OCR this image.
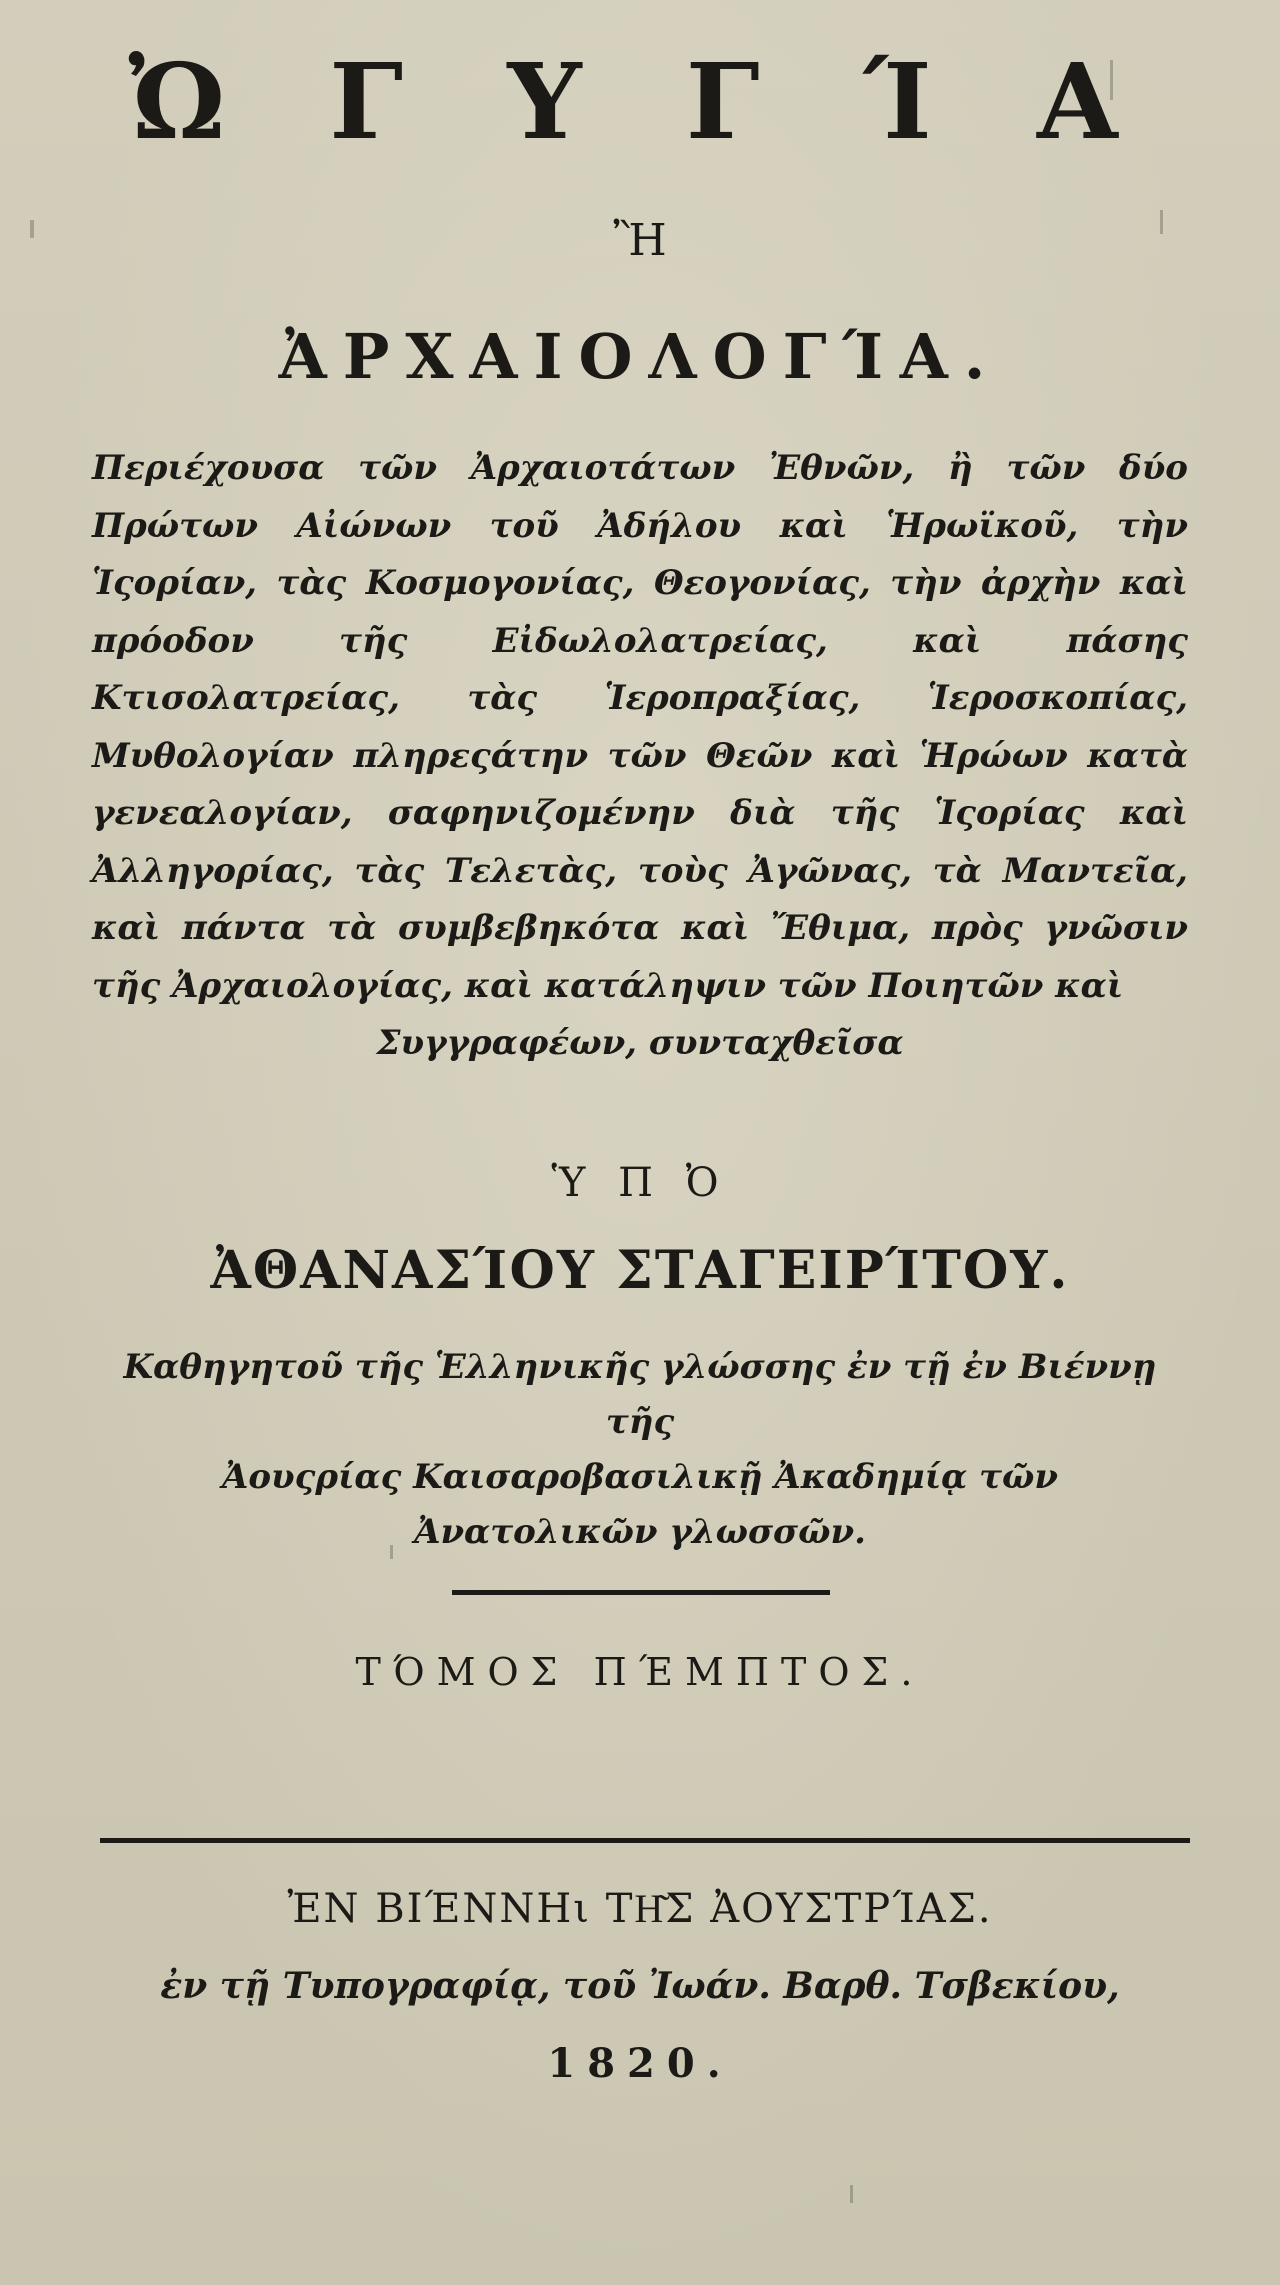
Ὠ Γ Υ Γ Ί Α
Ἢ
ἈΡΧΑΙΟΛΟΓΊΑ.
Περιέχουσα τῶν Ἀρχαιοτάτων Ἐθνῶν, ἢ τῶν δύο Πρώτων Αἰώνων τοῦ Ἀδήλου καὶ Ἡρωϊκοῦ, τὴν Ἱςορίαν, τὰς Κοσμογονίας, Θεογονίας, τὴν ἀρχὴν καὶ πρόοδον τῆς Εἰδωλολατρείας, καὶ πάσης Κτισολατρείας, τὰς Ἱεροπραξίας, Ἱεροσκοπίας, Μυθολογίαν πληρεςάτην τῶν Θεῶν καὶ Ἡρώων κατὰ γενεαλογίαν, σαφηνιζομένην διὰ τῆς Ἱςορίας καὶ Ἀλληγορίας, τὰς Τελετὰς, τοὺς Ἀγῶνας, τὰ Μαντεῖα, καὶ πάντα τὰ συμβεβηκότα καὶ Ἔθιμα, πρὸς γνῶσιν τῆς Ἀρχαιολογίας, καὶ κατάληψιν τῶν Ποιητῶν καὶ
Συγγραφέων, συνταχθεῖσα
Ὑ Π Ὀ
ἈΘΑΝΑΣΊΟΥ ΣΤΑΓΕΙΡΊΤΟΥ.
Καθηγητοῦ τῆς Ἑλληνικῆς γλώσσης ἐν τῇ ἐν Βιέννῃ τῆς
Ἀουςρίας Καισαροβασιλικῇ Ἀκαδημίᾳ τῶν
Ἀνατολικῶν γλωσσῶν.
ΤΌΜΟΣ ΠΈΜΠΤΟΣ.
ἘΝ ΒΙΈΝΝΗι ΤΗ͂Σ ἈΟΥΣΤΡΊΑΣ.
ἐν τῇ Τυπογραφίᾳ, τοῦ Ἰωάν. Βαρθ. Τσβεκίου,
1820.
